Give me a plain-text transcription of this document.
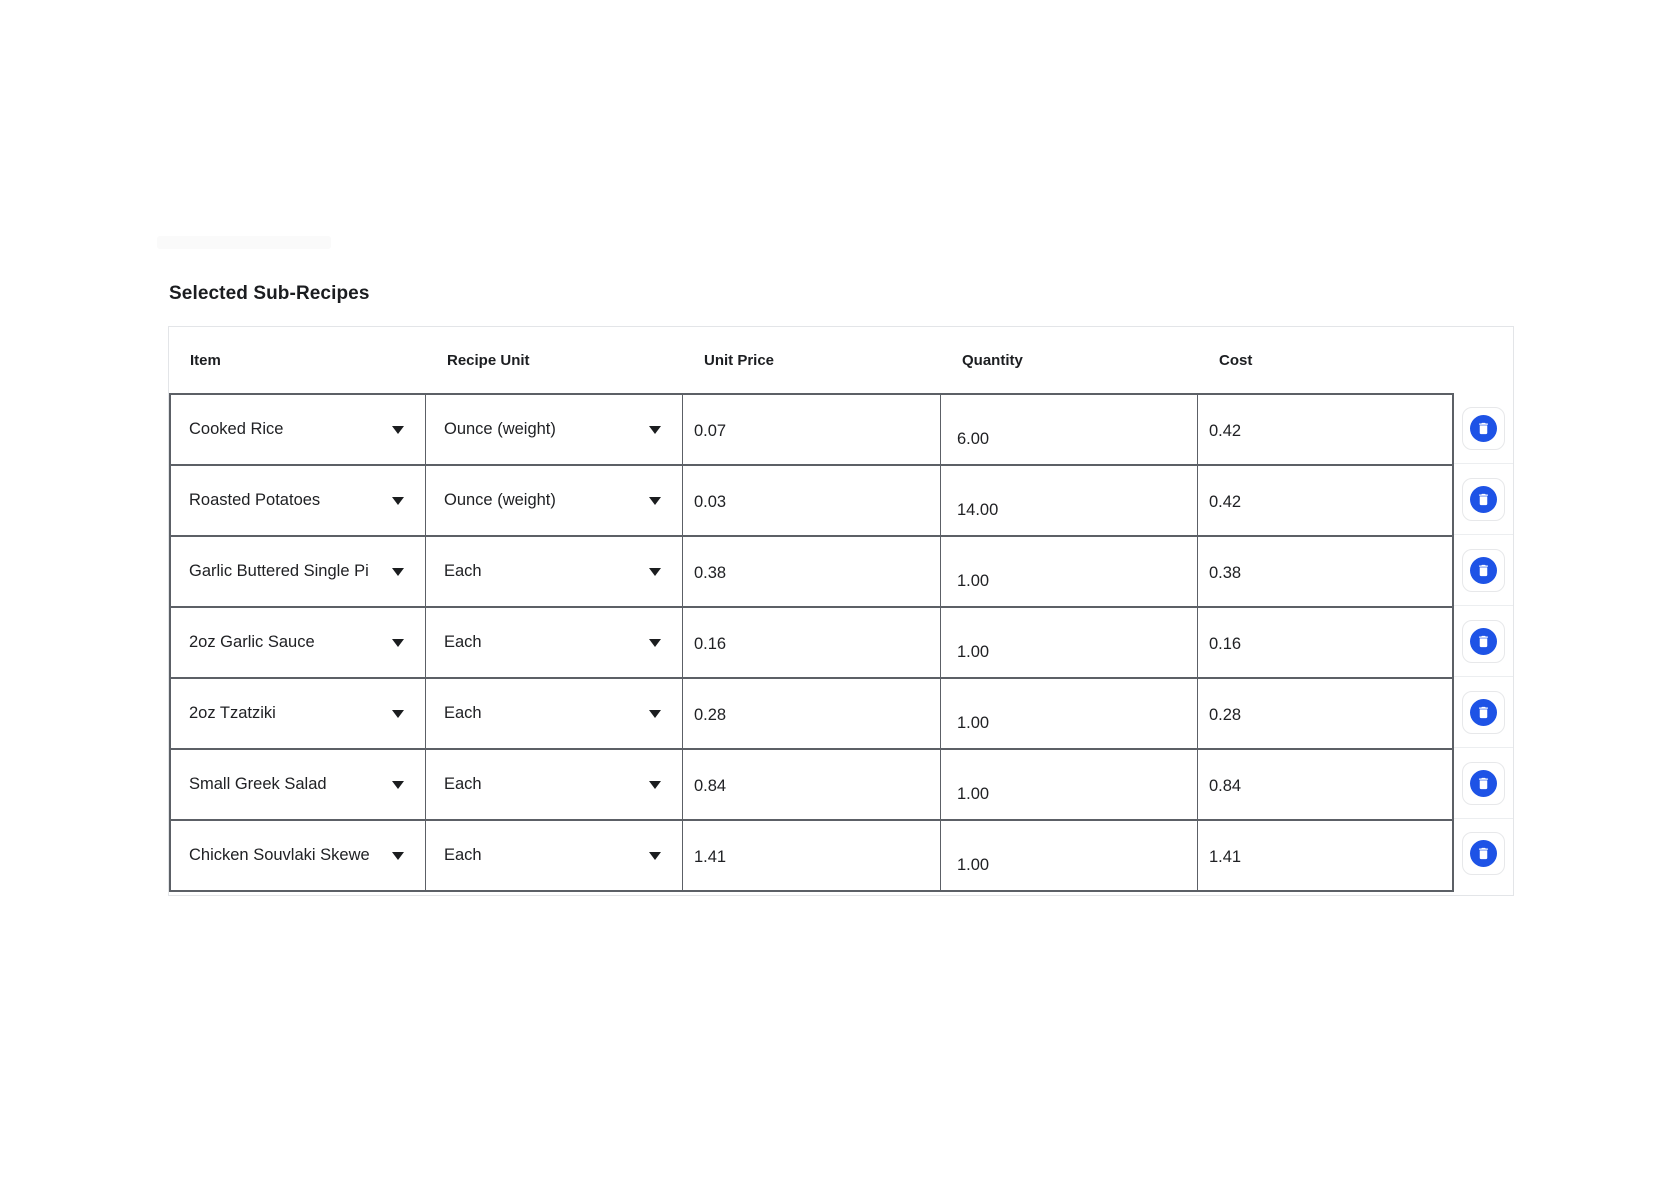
Selected Sub-Recipes
Item	Recipe Unit	Unit Price	Quantity	Cost
Cooked Rice	Ounce (weight)	0.07	6.00	0.42
Roasted Potatoes	Ounce (weight)	0.03	14.00	0.42
Garlic Buttered Single Pi	Each	0.38	1.00	0.38
2oz Garlic Sauce	Each	0.16	1.00	0.16
2oz Tzatziki	Each	0.28	1.00	0.28
Small Greek Salad	Each	0.84	1.00	0.84
Chicken Souvlaki Skewe	Each	1.41	1.00	1.41
